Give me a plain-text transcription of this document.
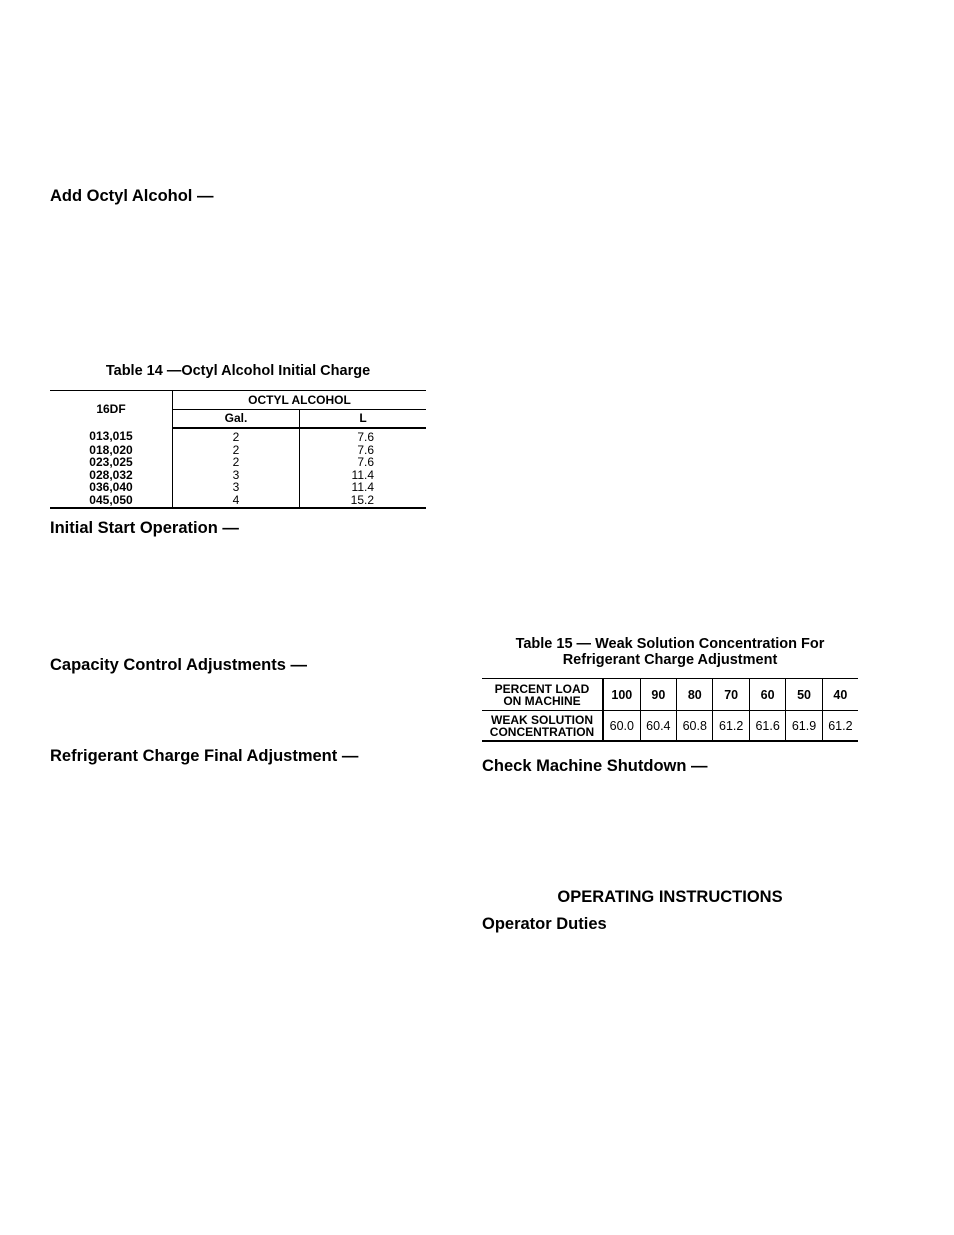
Add Octyl Alcohol —
Table 14 —Octyl Alcohol Initial Charge
16DF	OCTYL ALCOHOL	
	Gal.	L
013,015	2	7.6
018,020	2	7.6
023,025	2	7.6
028,032	3	11.4
036,040	3	11.4
045,050	4	15.2
Initial Start Operation —
Capacity Control Adjustments —
Refrigerant Charge Final Adjustment —
Table 15 — Weak Solution Concentration For
Refrigerant Charge Adjustment
PERCENT LOAD
ON MACHINE	100	90	80	70	60	50	40

WEAK SOLUTION
CONCENTRATION	60.0	60.4	60.8	61.2	61.6	61.9	61.2
Check Machine Shutdown —
OPERATING INSTRUCTIONS
Operator Duties
